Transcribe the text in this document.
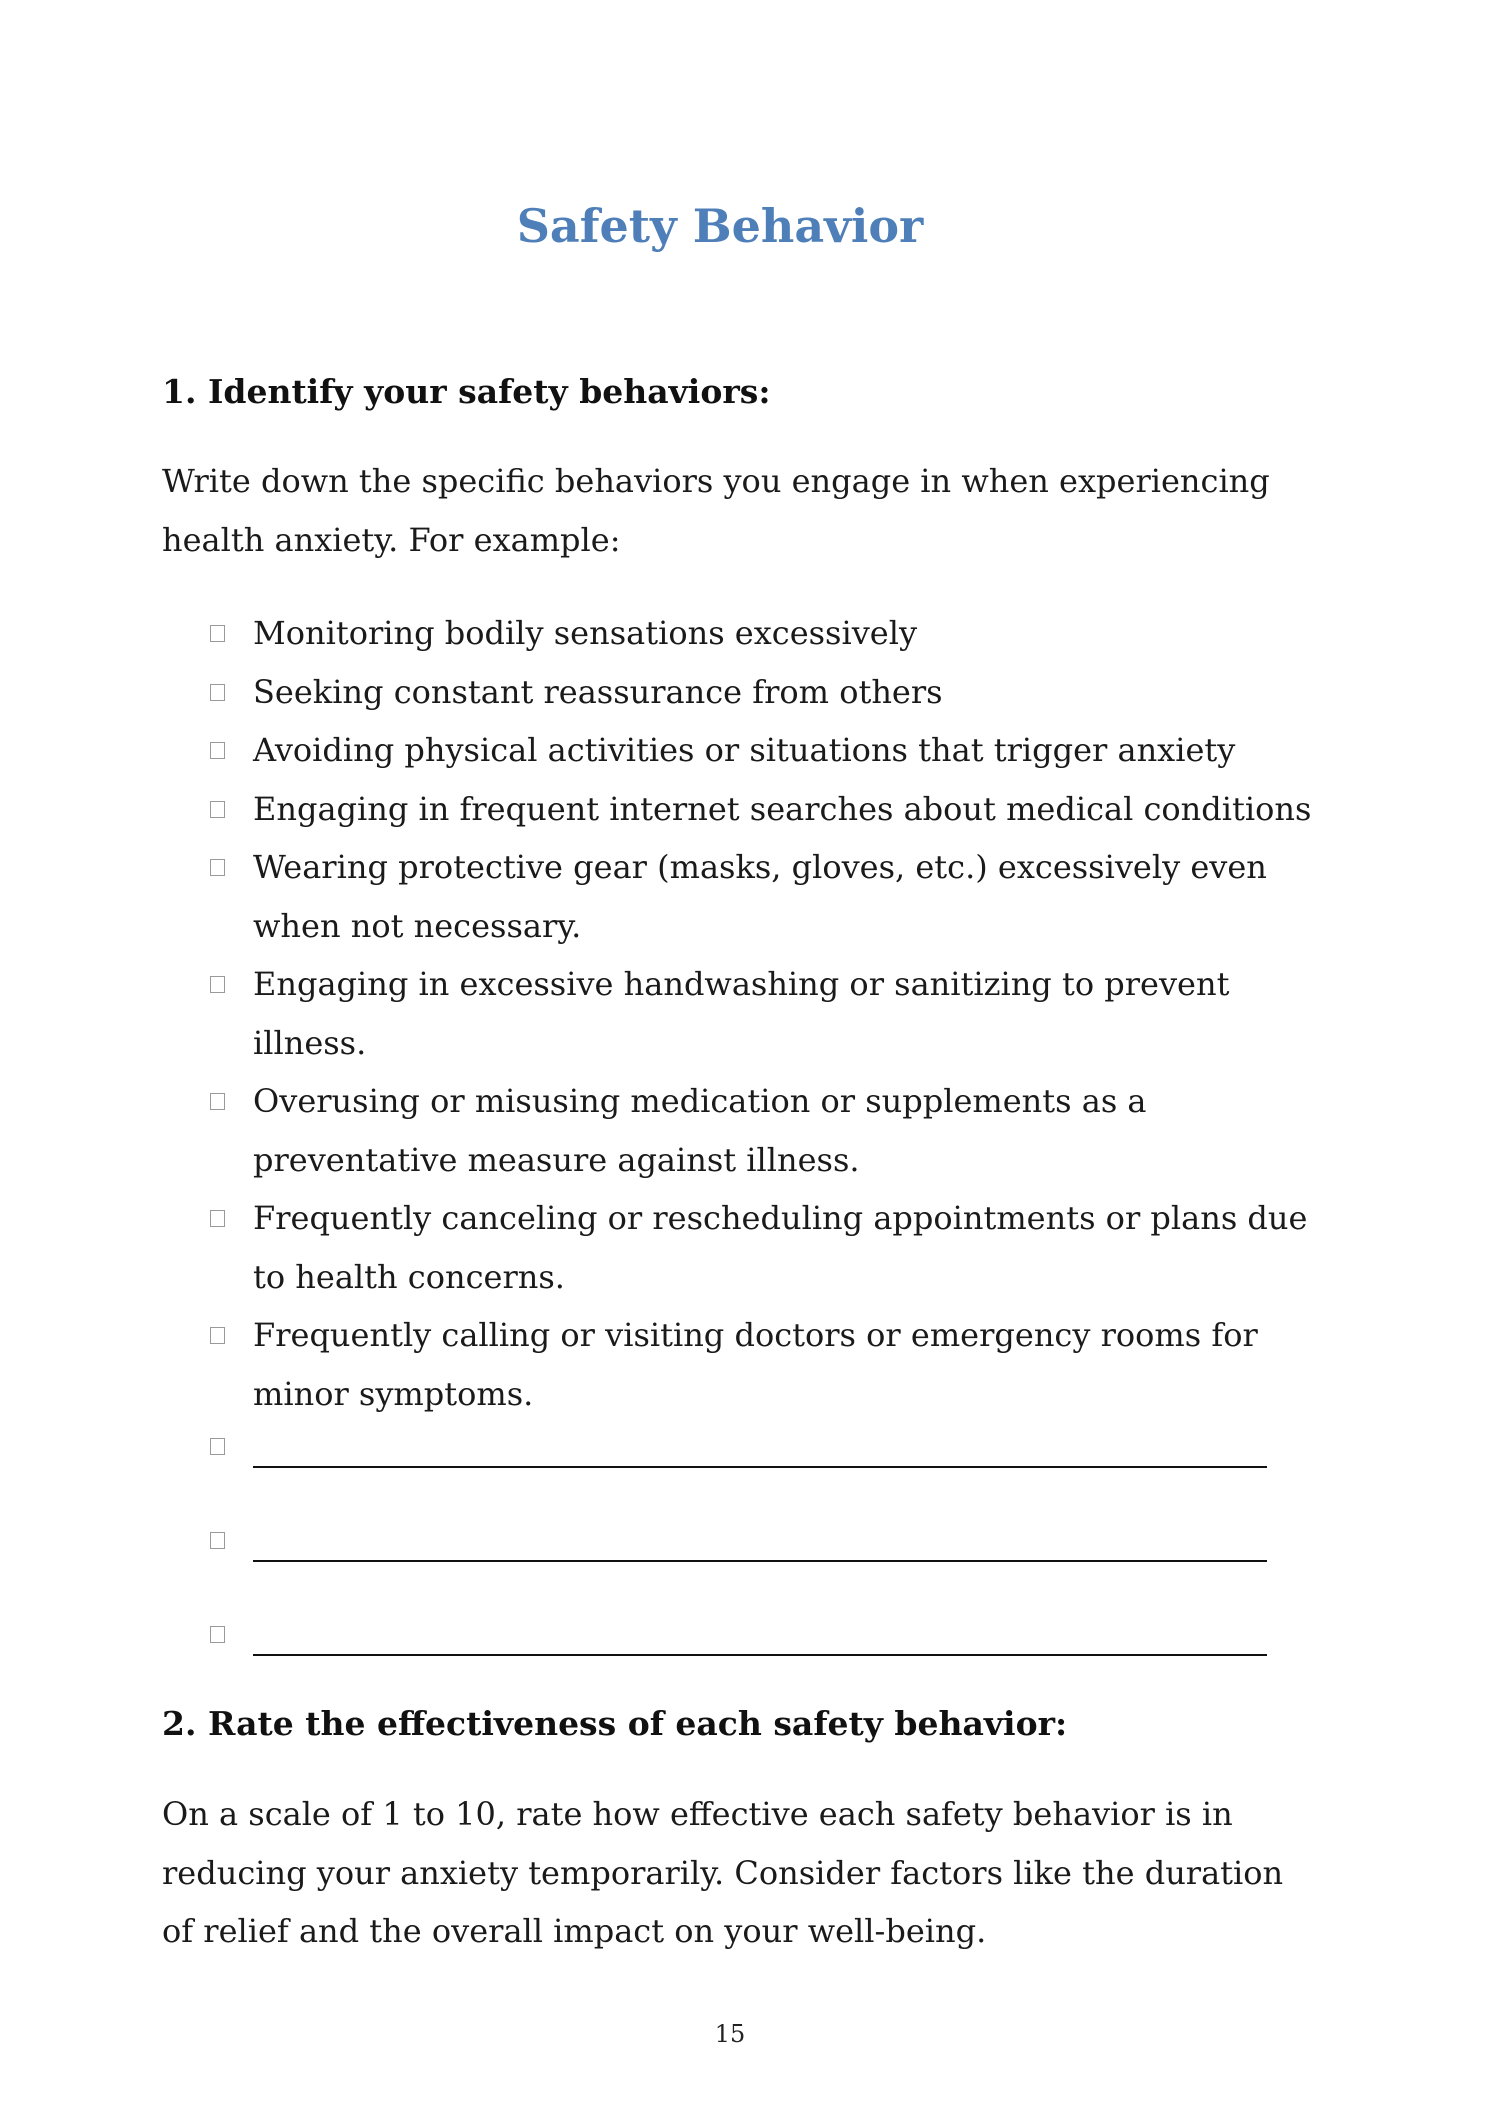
Safety Behavior
1. Identify your safety behaviors:

Write down the specific behaviors you engage in when experiencing health anxiety. For example:

Monitoring bodily sensations excessively
Seeking constant reassurance from others
Avoiding physical activities or situations that trigger anxiety
Engaging in frequent internet searches about medical conditions
Wearing protective gear (masks, gloves, etc.) excessively even when not necessary.
Engaging in excessive handwashing or sanitizing to prevent illness.
Overusing or misusing medication or supplements as a preventative measure against illness.
Frequently canceling or rescheduling appointments or plans due to health concerns.
Frequently calling or visiting doctors or emergency rooms for minor symptoms.
2. Rate the effectiveness of each safety behavior:

On a scale of 1 to 10, rate how effective each safety behavior is in reducing your anxiety temporarily. Consider factors like the duration of relief and the overall impact on your well-being.

15
